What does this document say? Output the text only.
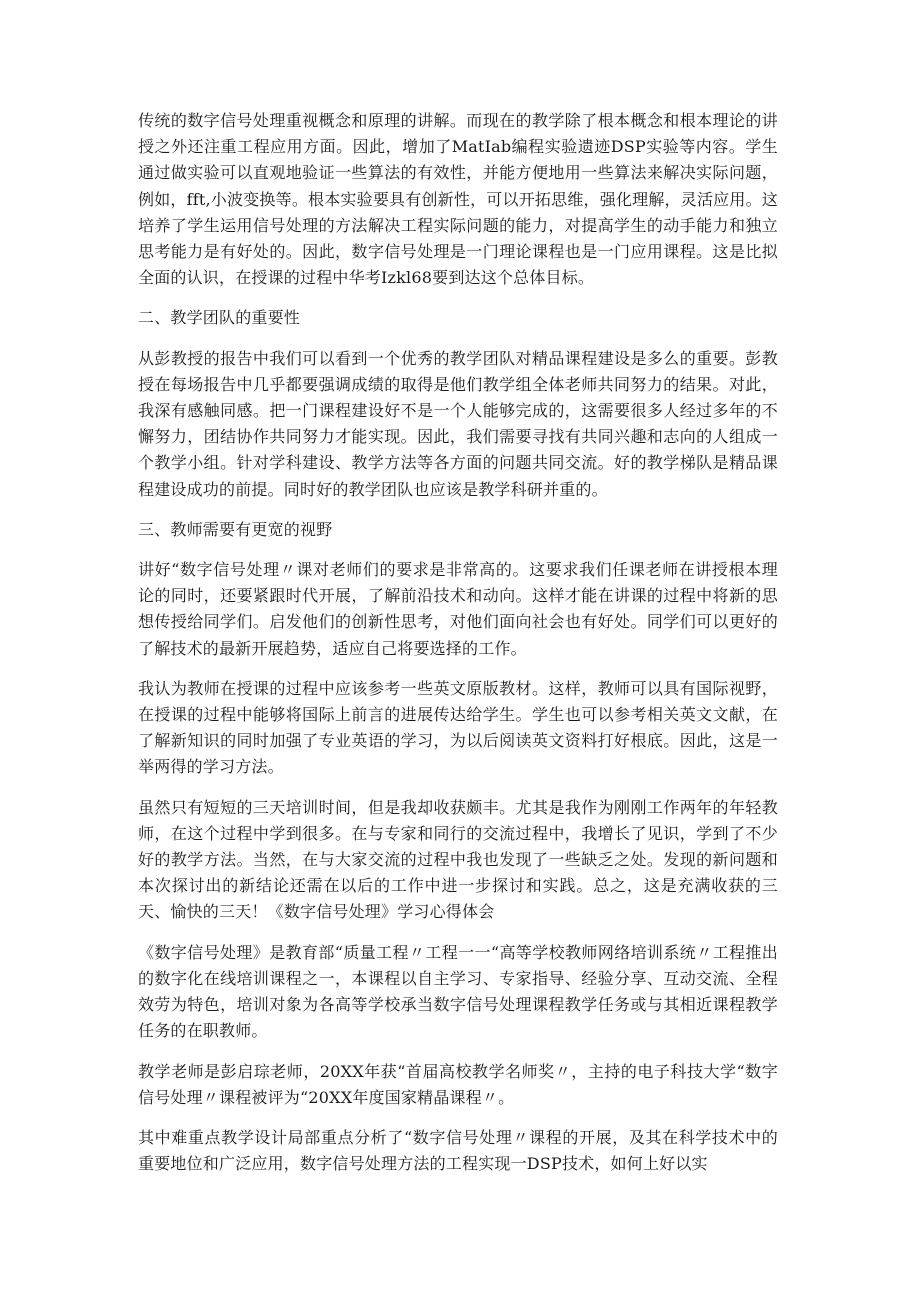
传统的数字信号处理重视概念和原理的讲解。而现在的教学除了根本概念和根本理论的讲授之外还注重工程应用方面。因此，增加了MatIab编程实验遗迹DSP实验等内容。学生通过做实验可以直观地验证一些算法的有效性，并能方便地用一些算法来解决实际问题，例如，fft,小波变换等。根本实验要具有创新性，可以开拓思维，强化理解，灵活应用。这培养了学生运用信号处理的方法解决工程实际问题的能力，对提高学生的动手能力和独立思考能力是有好处的。因此，数字信号处理是一门理论课程也是一门应用课程。这是比拟全面的认识，在授课的过程中华考Izkl68要到达这个总体目标。

二、教学团队的重要性

从彭教授的报告中我们可以看到一个优秀的教学团队对精品课程建设是多么的重要。彭教授在每场报告中几乎都要强调成绩的取得是他们教学组全体老师共同努力的结果。对此，我深有感触同感。把一门课程建设好不是一个人能够完成的，这需要很多人经过多年的不懈努力，团结协作共同努力才能实现。因此，我们需要寻找有共同兴趣和志向的人组成一个教学小组。针对学科建设、教学方法等各方面的问题共同交流。好的教学梯队是精品课程建设成功的前提。同时好的教学团队也应该是教学科研并重的。

三、教师需要有更宽的视野

讲好“数字信号处理〃课对老师们的要求是非常高的。这要求我们任课老师在讲授根本理论的同时，还要紧跟时代开展，了解前沿技术和动向。这样才能在讲课的过程中将新的思想传授给同学们。启发他们的创新性思考，对他们面向社会也有好处。同学们可以更好的了解技术的最新开展趋势，适应自己将要选择的工作。

我认为教师在授课的过程中应该参考一些英文原版教材。这样，教师可以具有国际视野，在授课的过程中能够将国际上前言的进展传达给学生。学生也可以参考相关英文文献，在了解新知识的同时加强了专业英语的学习，为以后阅读英文资料打好根底。因此，这是一举两得的学习方法。

虽然只有短短的三天培训时间，但是我却收获颇丰。尤其是我作为刚刚工作两年的年轻教师，在这个过程中学到很多。在与专家和同行的交流过程中，我增长了见识，学到了不少好的教学方法。当然，在与大家交流的过程中我也发现了一些缺乏之处。发现的新问题和本次探讨出的新结论还需在以后的工作中进一步探讨和实践。总之，这是充满收获的三天、愉快的三天！《数字信号处理》学习心得体会

《数字信号处理》是教育部“质量工程〃工程一一“高等学校教师网络培训系统〃工程推出的数字化在线培训课程之一，本课程以自主学习、专家指导、经验分享、互动交流、全程效劳为特色，培训对象为各高等学校承当数字信号处理课程教学任务或与其相近课程教学任务的在职教师。

教学老师是彭启琮老师，20XX年获“首届高校教学名师奖〃，主持的电子科技大学“数字信号处理〃课程被评为“20XX年度国家精晶课程〃。

其中难重点教学设计局部重点分析了“数字信号处理〃课程的开展，及其在科学技术中的重要地位和广泛应用，数字信号处理方法的工程实现一DSP技术，如何上好以实
